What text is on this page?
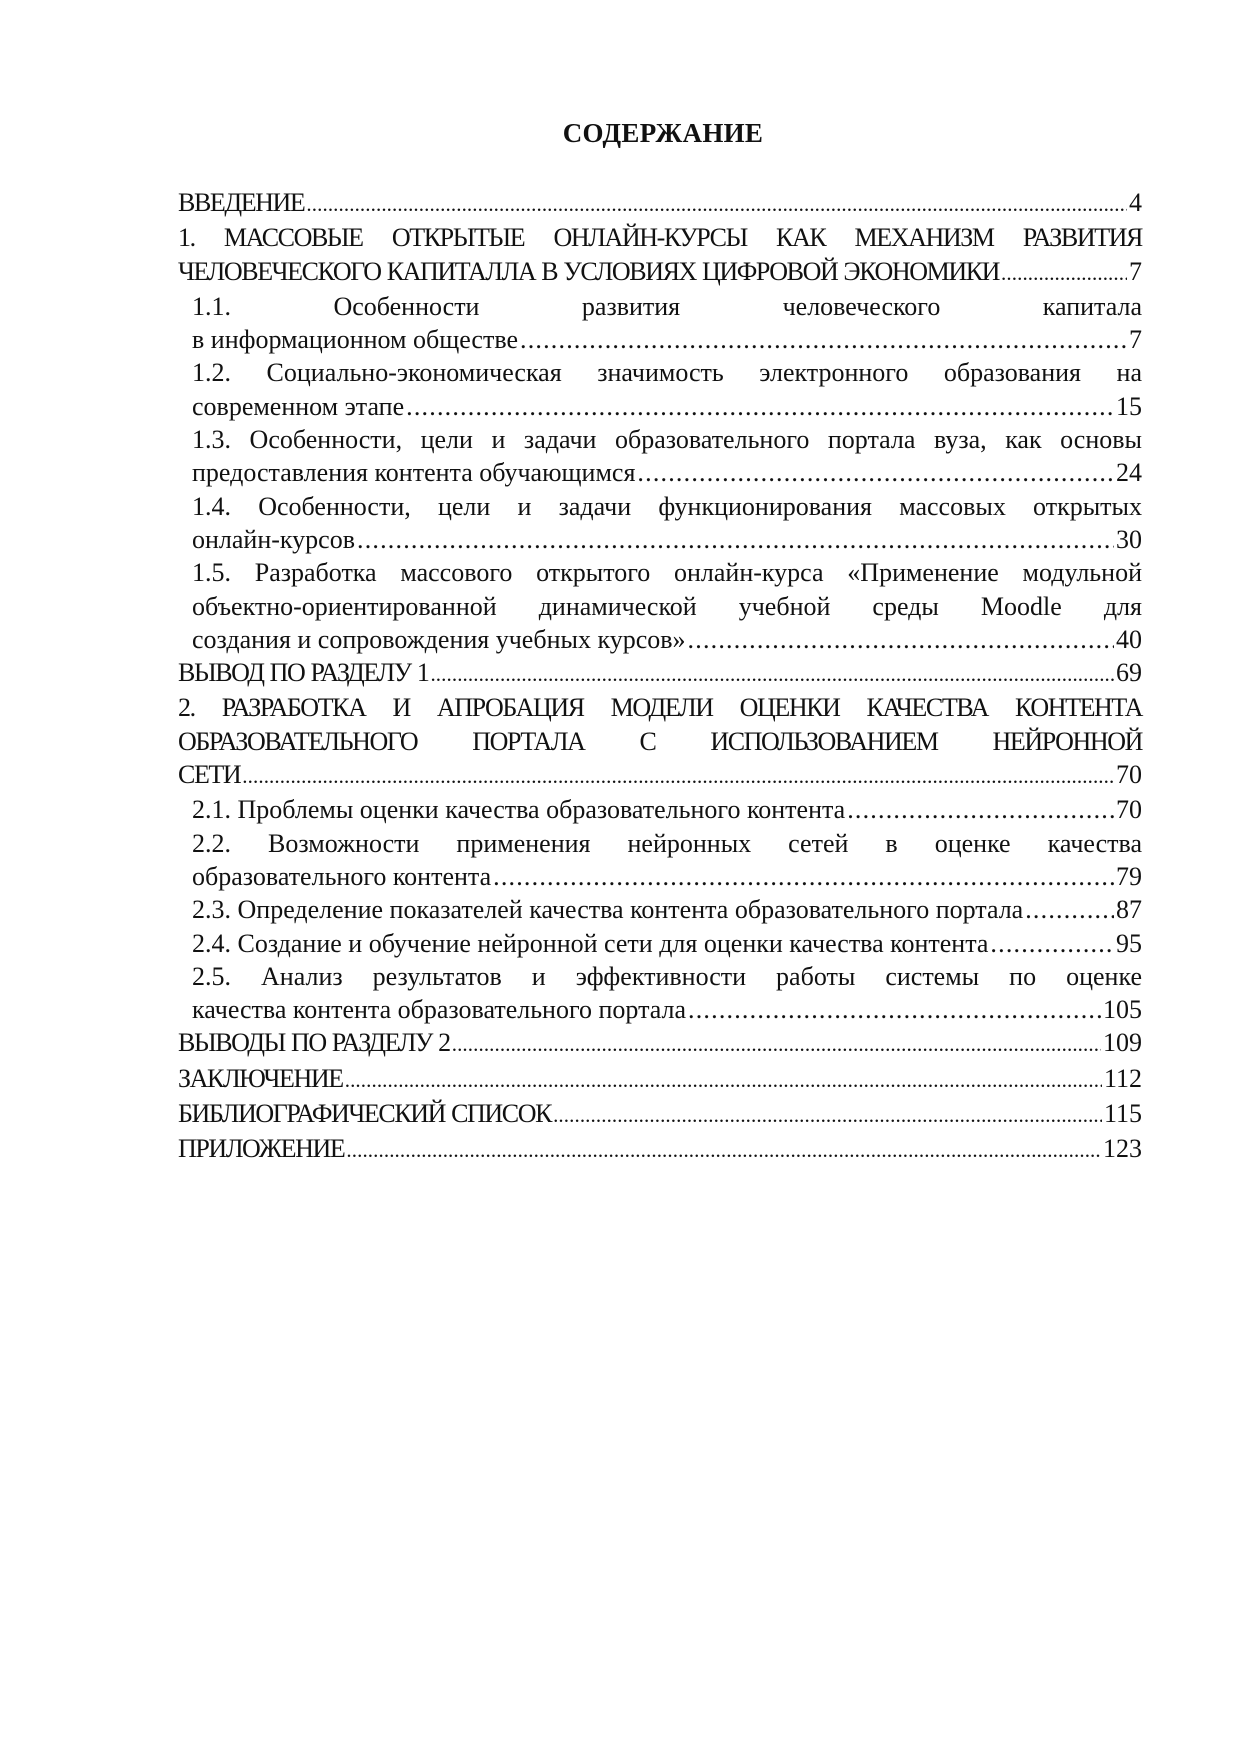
СОДЕРЖАНИЕ
ВВЕДЕНИЕ .....	4
1. МАССОВЫЕ ОТКРЫТЫЕ ОНЛАЙН-КУРСЫ КАК МЕХАНИЗМ РАЗВИТИЯ
ЧЕЛОВЕЧЕСКОГО КАПИТАЛЛА В УСЛОВИЯХ ЦИФРОВОЙ ЭКОНОМИКИ .....	7
1.1. Особенности развития человеческого капитала
в информационном обществе .....	7
1.2. Социально-экономическая значимость электронного образования на
современном этапе .....	15
1.3. Особенности, цели и задачи образовательного портала вуза, как основы
предоставления контента обучающимся .....	24
1.4. Особенности, цели и задачи функционирования массовых открытых
онлайн-курсов .....	30
1.5. Разработка массового открытого онлайн-курса «Применение модульной
объектно-ориентированной динамической учебной среды Moodle для
создания и сопровождения учебных курсов» .....	40
ВЫВОД ПО РАЗДЕЛУ 1 .....	69
2. РАЗРАБОТКА И АПРОБАЦИЯ МОДЕЛИ ОЦЕНКИ КАЧЕСТВА КОНТЕНТА
ОБРАЗОВАТЕЛЬНОГО ПОРТАЛА С ИСПОЛЬЗОВАНИЕМ НЕЙРОННОЙ
СЕТИ .....	70
2.1. Проблемы оценки качества образовательного контента .....	70
2.2. Возможности применения нейронных сетей в оценке качества
образовательного контента .....	79
2.3. Определение показателей качества контента образовательного портала .....	87
2.4. Создание и обучение нейронной сети для оценки качества контента .....	95
2.5. Анализ результатов и эффективности работы системы по оценке
качества контента образовательного портала .....	105
ВЫВОДЫ ПО РАЗДЕЛУ 2 .....	109
ЗАКЛЮЧЕНИЕ .....	112
БИБЛИОГРАФИЧЕСКИЙ СПИСОК .....	115
ПРИЛОЖЕНИЕ .....	123
